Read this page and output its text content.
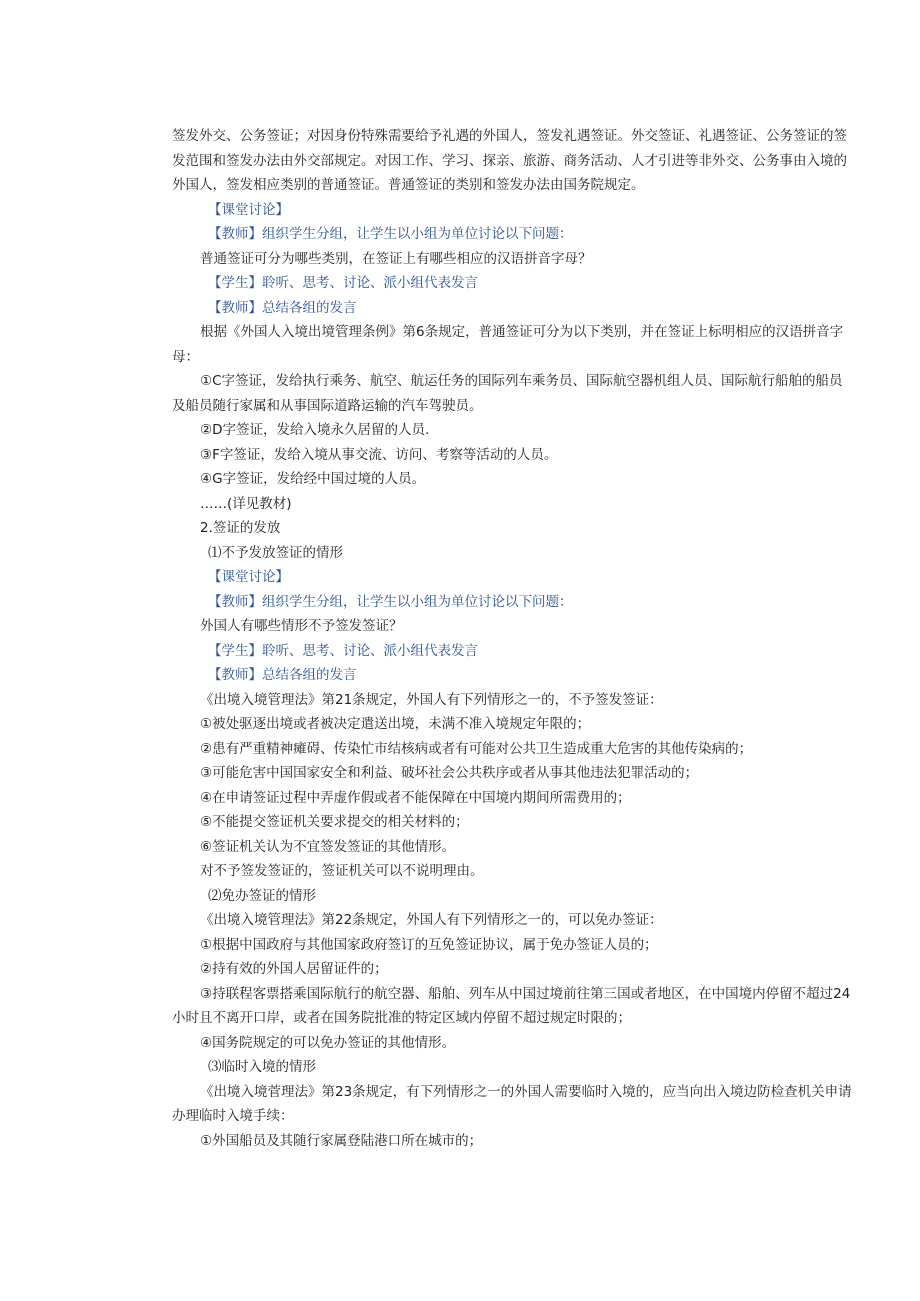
签发外交、公务签证；对因身份特殊需要给予礼遇的外国人，签发礼遇签证。外交签证、礼遇签证、公务签证的签发范围和签发办法由外交部规定。对因工作、学习、探亲、旅游、商务活动、人才引进等非外交、公务事由入境的外国人，签发相应类别的普通签证。普通签证的类别和签发办法由国务院规定。

【课堂讨论】

【教师】组织学生分组，让学生以小组为单位讨论以下问题：

普通签证可分为哪些类别，在签证上有哪些相应的汉语拼音字母？

【学生】聆听、思考、讨论、派小组代表发言

【教师】总结各组的发言

根据《外国人入境出境管理条例》第6条规定，普通签证可分为以下类别，并在签证上标明相应的汉语拼音字母：

①C字签证，发给执行乘务、航空、航运任务的国际列车乘务员、国际航空器机组人员、国际航行船舶的船员及船员随行家属和从事国际道路运输的汽车驾驶员。

②D字签证，发给入境永久居留的人员.

③F字签证，发给入境从事交流、访问、考察等活动的人员。

④G字签证，发给经中国过境的人员。

……(详见教材)

2.签证的发放

⑴不予发放签证的情形

【课堂讨论】

【教师】组织学生分组，让学生以小组为单位讨论以下问题：

外国人有哪些情形不予签发签证？

【学生】聆听、思考、讨论、派小组代表发言

【教师】总结各组的发言

《出境入境管理法》第21条规定，外国人有下列情形之一的，不予签发签证：

①被处驱逐出境或者被决定遣送出境，未满不准入境规定年限的；

②患有严重精神瘫碍、传染忙市结核病或者有可能对公共卫生造成重大危害的其他传染病的；

③可能危害中国国家安全和利益、破坏社会公共秩序或者从事其他违法犯罪活动的；

④在申请签证过程中弄虚作假或者不能保障在中国境内期间所需费用的；

⑤不能提交签证机关要求提交的相关材料的；

⑥签证机关认为不宜签发签证的其他情形。

对不予签发签证的，签证机关可以不说明理由。

⑵免办签证的情形

《出境入境管理法》第22条规定，外国人有下列情形之一的，可以免办签证：

①根据中国政府与其他国家政府签订的互免签证协议，属于免办签证人员的；

②持有效的外国人居留证件的；

③持联程客票搭乘国际航行的航空器、船舶、列车从中国过境前往第三国或者地区，在中国境内停留不超过24小时且不离开口岸，或者在国务院批准的特定区域内停留不超过规定时限的；

④国务院规定的可以免办签证的其他情形。

⑶临时入境的情形

《出境入境菅理法》第23条规定，有下列情形之一的外国人需要临时入境的，应当向出入境边防检查机关申请办理临时入境手续：

①外国船员及其随行家属登陆港口所在城市的；
